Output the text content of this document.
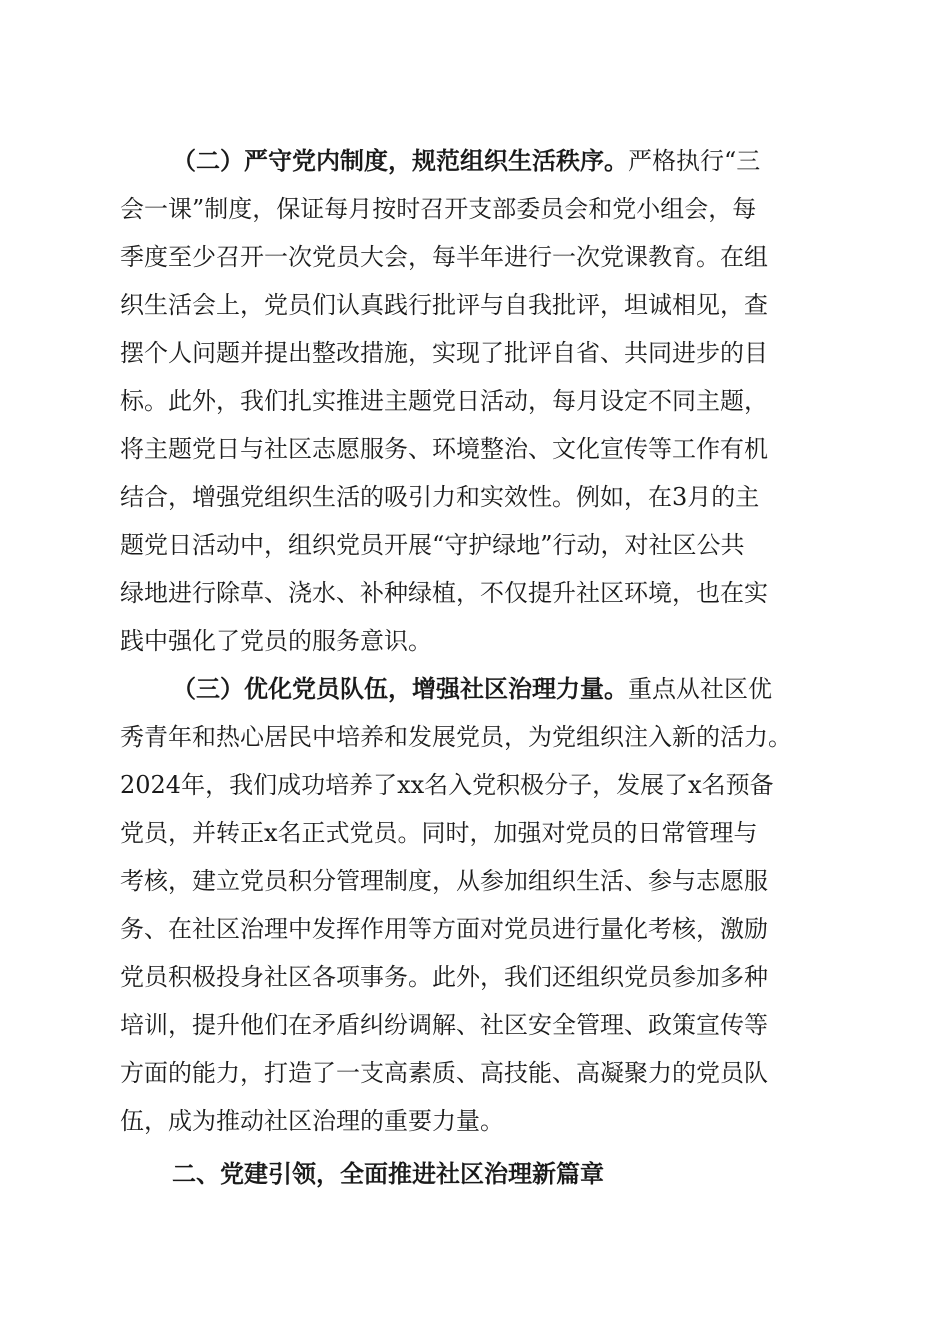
（二）严守党内制度，规范组织生活秩序。严格执行“三
会一课”制度，保证每月按时召开支部委员会和党小组会，每
季度至少召开一次党员大会，每半年进行一次党课教育。在组
织生活会上，党员们认真践行批评与自我批评，坦诚相见，查
摆个人问题并提出整改措施，实现了批评自省、共同进步的目
标。此外，我们扎实推进主题党日活动，每月设定不同主题，
将主题党日与社区志愿服务、环境整治、文化宣传等工作有机
结合，增强党组织生活的吸引力和实效性。例如，在3月的主
题党日活动中，组织党员开展“守护绿地”行动，对社区公共
绿地进行除草、浇水、补种绿植，不仅提升社区环境，也在实
践中强化了党员的服务意识。
（三）优化党员队伍，增强社区治理力量。重点从社区优
秀青年和热心居民中培养和发展党员，为党组织注入新的活力。
2024年，我们成功培养了xx名入党积极分子，发展了x名预备
党员，并转正x名正式党员。同时，加强对党员的日常管理与
考核，建立党员积分管理制度，从参加组织生活、参与志愿服
务、在社区治理中发挥作用等方面对党员进行量化考核，激励
党员积极投身社区各项事务。此外，我们还组织党员参加多种
培训，提升他们在矛盾纠纷调解、社区安全管理、政策宣传等
方面的能力，打造了一支高素质、高技能、高凝聚力的党员队
伍，成为推动社区治理的重要力量。
二、党建引领，全面推进社区治理新篇章
